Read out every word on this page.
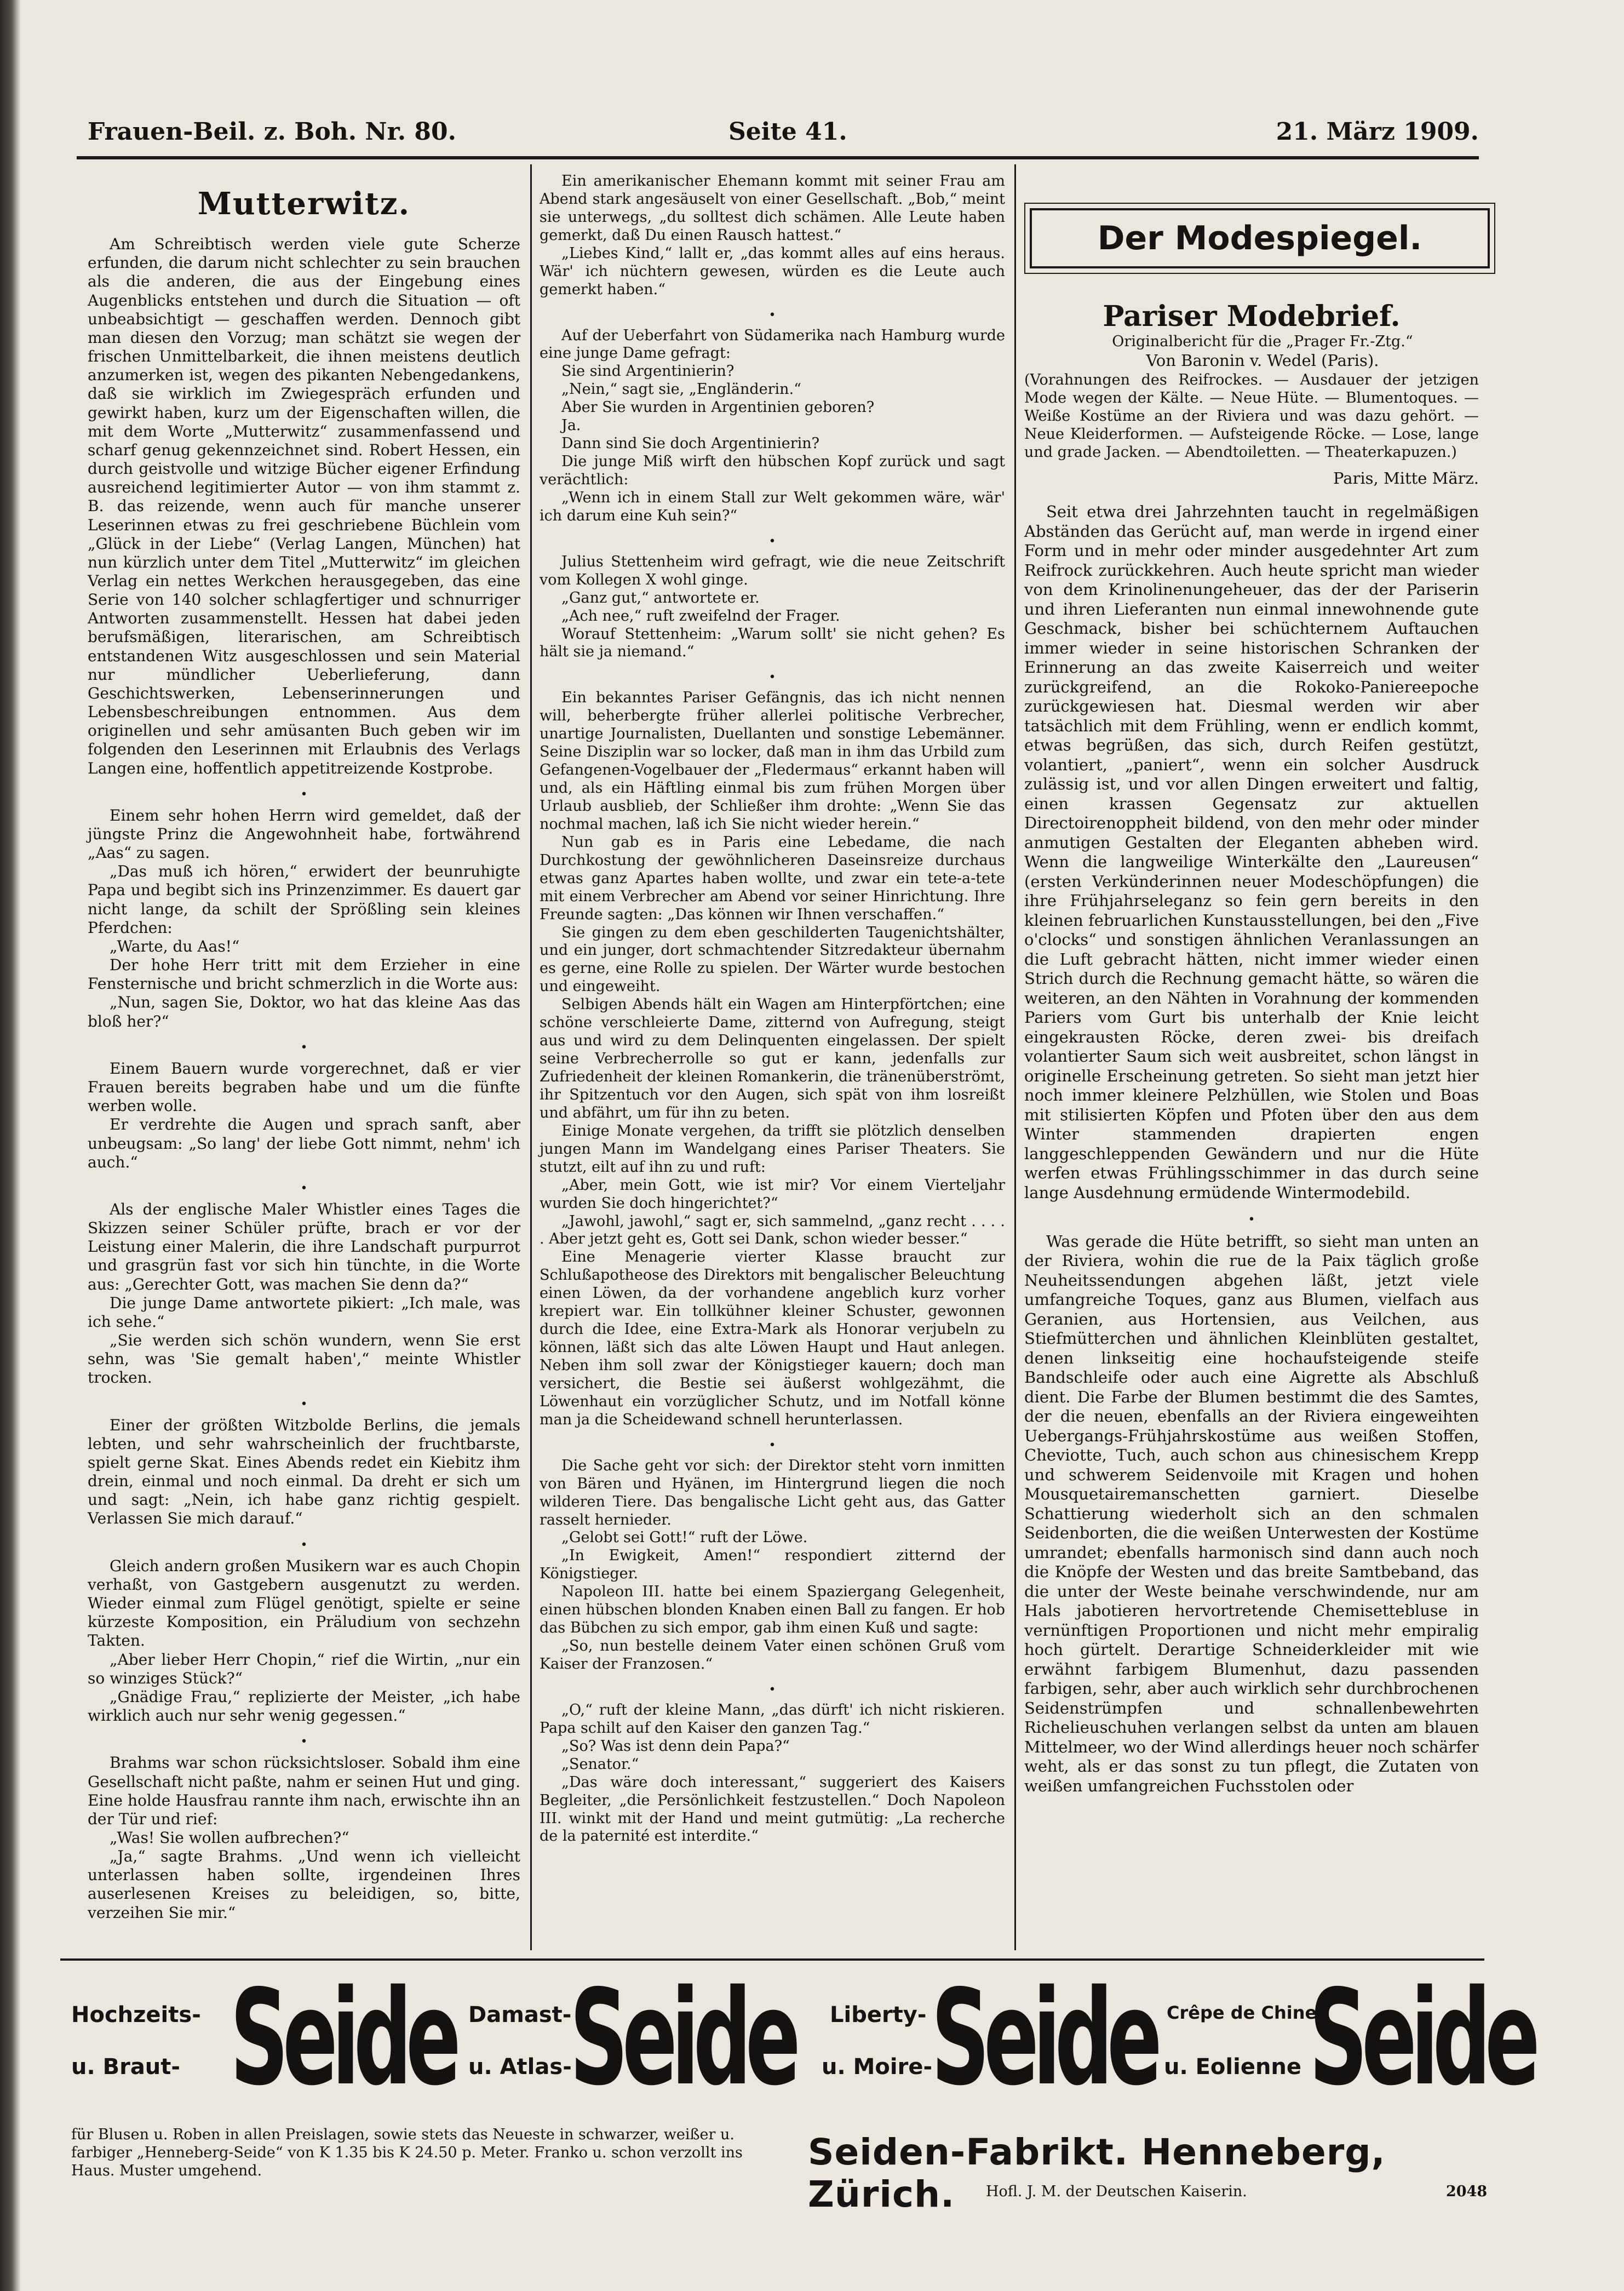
Frauen-Beil. z. Boh. Nr. 80.	Seite 41.	21. März 1909.
Mutterwitz.

Am Schreibtisch werden viele gute Scherze erfunden, die darum nicht schlechter zu sein brauchen als die anderen, die aus der Eingebung eines Augenblicks entstehen und durch die Situation — oft unbeabsichtigt — geschaffen werden. Dennoch gibt man diesen den Vorzug; man schätzt sie wegen der frischen Unmittelbarkeit, die ihnen meistens deutlich anzumerken ist, wegen des pikanten Nebengedankens, daß sie wirklich im Zwiegespräch erfunden und gewirkt haben, kurz um der Eigenschaften willen, die mit dem Worte „Mutterwitz“ zusammenfassend und scharf genug gekennzeichnet sind. Robert Hessen, ein durch geistvolle und witzige Bücher eigener Erfindung ausreichend legitimierter Autor — von ihm stammt z. B. das reizende, wenn auch für manche unserer Leserinnen etwas zu frei geschriebene Büchlein vom „Glück in der Liebe“ (Verlag Langen, München) hat nun kürzlich unter dem Titel „Mutterwitz“ im gleichen Verlag ein nettes Werkchen herausgegeben, das eine Serie von 140 solcher schlagfertiger und schnurriger Antworten zusammenstellt. Hessen hat dabei jeden berufsmäßigen, literarischen, am Schreibtisch entstandenen Witz ausgeschlossen und sein Material nur mündlicher Ueberlieferung, dann Geschichtswerken, Lebenserinnerungen und Lebensbeschreibungen entnommen. Aus dem originellen und sehr amüsanten Buch geben wir im folgenden den Leserinnen mit Erlaubnis des Verlags Langen eine, hoffentlich appetitreizende Kostprobe.

•

Einem sehr hohen Herrn wird gemeldet, daß der jüngste Prinz die Angewohnheit habe, fortwährend „Aas“ zu sagen.

„Das muß ich hören,“ erwidert der beunruhigte Papa und begibt sich ins Prinzenzimmer. Es dauert gar nicht lange, da schilt der Sprößling sein kleines Pferdchen:

„Warte, du Aas!“

Der hohe Herr tritt mit dem Erzieher in eine Fensternische und bricht schmerzlich in die Worte aus:

„Nun, sagen Sie, Doktor, wo hat das kleine Aas das bloß her?“

•

Einem Bauern wurde vorgerechnet, daß er vier Frauen bereits begraben habe und um die fünfte werben wolle.

Er verdrehte die Augen und sprach sanft, aber unbeugsam: „So lang' der liebe Gott nimmt, nehm' ich auch.“

•

Als der englische Maler Whistler eines Tages die Skizzen seiner Schüler prüfte, brach er vor der Leistung einer Malerin, die ihre Landschaft purpurrot und grasgrün fast vor sich hin tünchte, in die Worte aus: „Gerechter Gott, was machen Sie denn da?“

Die junge Dame antwortete pikiert: „Ich male, was ich sehe.“

„Sie werden sich schön wundern, wenn Sie erst sehn, was 'Sie gemalt haben',“ meinte Whistler trocken.

•

Einer der größten Witzbolde Berlins, die jemals lebten, und sehr wahrscheinlich der fruchtbarste, spielt gerne Skat. Eines Abends redet ein Kiebitz ihm drein, einmal und noch einmal. Da dreht er sich um und sagt: „Nein, ich habe ganz richtig gespielt. Verlassen Sie mich darauf.“

•

Gleich andern großen Musikern war es auch Chopin verhaßt, von Gastgebern ausgenutzt zu werden. Wieder einmal zum Flügel genötigt, spielte er seine kürzeste Komposition, ein Präludium von sechzehn Takten.

„Aber lieber Herr Chopin,“ rief die Wirtin, „nur ein so winziges Stück?“

„Gnädige Frau,“ replizierte der Meister, „ich habe wirklich auch nur sehr wenig gegessen.“

•

Brahms war schon rücksichtsloser. Sobald ihm eine Gesellschaft nicht paßte, nahm er seinen Hut und ging. Eine holde Hausfrau rannte ihm nach, erwischte ihn an der Tür und rief:

„Was! Sie wollen aufbrechen?“

„Ja,“ sagte Brahms. „Und wenn ich vielleicht unterlassen haben sollte, irgendeinen Ihres auserlesenen Kreises zu beleidigen, so, bitte, verzeihen Sie mir.“

Ein amerikanischer Ehemann kommt mit seiner Frau am Abend stark angesäuselt von einer Gesellschaft. „Bob,“ meint sie unterwegs, „du solltest dich schämen. Alle Leute haben gemerkt, daß Du einen Rausch hattest.“

„Liebes Kind,“ lallt er, „das kommt alles auf eins heraus. Wär' ich nüchtern gewesen, würden es die Leute auch gemerkt haben.“

•

Auf der Ueberfahrt von Südamerika nach Hamburg wurde eine junge Dame gefragt:

Sie sind Argentinierin?

„Nein,“ sagt sie, „Engländerin.“

Aber Sie wurden in Argentinien geboren?

Ja.

Dann sind Sie doch Argentinierin?

Die junge Miß wirft den hübschen Kopf zurück und sagt verächtlich:

„Wenn ich in einem Stall zur Welt gekommen wäre, wär' ich darum eine Kuh sein?“

•

Julius Stettenheim wird gefragt, wie die neue Zeitschrift vom Kollegen X wohl ginge.

„Ganz gut,“ antwortete er.

„Ach nee,“ ruft zweifelnd der Frager.

Worauf Stettenheim: „Warum sollt' sie nicht gehen? Es hält sie ja niemand.“

•

Ein bekanntes Pariser Gefängnis, das ich nicht nennen will, beherbergte früher allerlei politische Verbrecher, unartige Journalisten, Duellanten und sonstige Lebemänner. Seine Disziplin war so locker, daß man in ihm das Urbild zum Gefangenen-Vogelbauer der „Fledermaus“ erkannt haben will und, als ein Häftling einmal bis zum frühen Morgen über Urlaub ausblieb, der Schließer ihm drohte: „Wenn Sie das nochmal machen, laß ich Sie nicht wieder herein.“

Nun gab es in Paris eine Lebedame, die nach Durchkostung der gewöhnlicheren Daseinsreize durchaus etwas ganz Apartes haben wollte, und zwar ein tete-a-tete mit einem Verbrecher am Abend vor seiner Hinrichtung. Ihre Freunde sagten: „Das können wir Ihnen verschaffen.“

Sie gingen zu dem eben geschilderten Taugenichtshälter, und ein junger, dort schmachtender Sitzredakteur übernahm es gerne, eine Rolle zu spielen. Der Wärter wurde bestochen und eingeweiht.

Selbigen Abends hält ein Wagen am Hinterpförtchen; eine schöne verschleierte Dame, zitternd von Aufregung, steigt aus und wird zu dem Delinquenten eingelassen. Der spielt seine Verbrecherrolle so gut er kann, jedenfalls zur Zufriedenheit der kleinen Romankerin, die tränenüberströmt, ihr Spitzentuch vor den Augen, sich spät von ihm losreißt und abfährt, um für ihn zu beten.

Einige Monate vergehen, da trifft sie plötzlich denselben jungen Mann im Wandelgang eines Pariser Theaters. Sie stutzt, eilt auf ihn zu und ruft:

„Aber, mein Gott, wie ist mir? Vor einem Vierteljahr wurden Sie doch hingerichtet?“

„Jawohl, jawohl,“ sagt er, sich sammelnd, „ganz recht . . . . . Aber jetzt geht es, Gott sei Dank, schon wieder besser.“

Eine Menagerie vierter Klasse braucht zur Schlußapotheose des Direktors mit bengalischer Beleuchtung einen Löwen, da der vorhandene angeblich kurz vorher krepiert war. Ein tollkühner kleiner Schuster, gewonnen durch die Idee, eine Extra-Mark als Honorar verjubeln zu können, läßt sich das alte Löwen Haupt und Haut anlegen. Neben ihm soll zwar der Königstieger kauern; doch man versichert, die Bestie sei äußerst wohlgezähmt, die Löwenhaut ein vorzüglicher Schutz, und im Notfall könne man ja die Scheidewand schnell herunterlassen.

•

Die Sache geht vor sich: der Direktor steht vorn inmitten von Bären und Hyänen, im Hintergrund liegen die noch wilderen Tiere. Das bengalische Licht geht aus, das Gatter rasselt hernieder.

„Gelobt sei Gott!“ ruft der Löwe.

„In Ewigkeit, Amen!“ respondiert zitternd der Königstieger.

Napoleon III. hatte bei einem Spaziergang Gelegenheit, einen hübschen blonden Knaben einen Ball zu fangen. Er hob das Bübchen zu sich empor, gab ihm einen Kuß und sagte:

„So, nun bestelle deinem Vater einen schönen Gruß vom Kaiser der Franzosen.“

•

„O,“ ruft der kleine Mann, „das dürft' ich nicht riskieren. Papa schilt auf den Kaiser den ganzen Tag.“

„So? Was ist denn dein Papa?“

„Senator.“

„Das wäre doch interessant,“ suggeriert des Kaisers Begleiter, „die Persönlichkeit festzustellen.“ Doch Napoleon III. winkt mit der Hand und meint gutmütig: „La recherche de la paternité est interdite.“

Der Modespiegel.
Pariser Modebrief.

Originalbericht für die „Prager Fr.-Ztg.“

Von Baronin v. Wedel (Paris).

(Vorahnungen des Reifrockes. — Ausdauer der jetzigen Mode wegen der Kälte. — Neue Hüte. — Blumentoques. — Weiße Kostüme an der Riviera und was dazu gehört. — Neue Kleiderformen. — Aufsteigende Röcke. — Lose, lange und grade Jacken. — Abendtoiletten. — Theaterkapuzen.)

Paris, Mitte März.

Seit etwa drei Jahrzehnten taucht in regelmäßigen Abständen das Gerücht auf, man werde in irgend einer Form und in mehr oder minder ausgedehnter Art zum Reifrock zurückkehren. Auch heute spricht man wieder von dem Krinolinenungeheuer, das der der Pariserin und ihren Lieferanten nun einmal innewohnende gute Geschmack, bisher bei schüchternem Auftauchen immer wieder in seine historischen Schranken der Erinnerung an das zweite Kaiserreich und weiter zurückgreifend, an die Rokoko-Paniereepoche zurückgewiesen hat. Diesmal werden wir aber tatsächlich mit dem Frühling, wenn er endlich kommt, etwas begrüßen, das sich, durch Reifen gestützt, volantiert, „paniert“, wenn ein solcher Ausdruck zulässig ist, und vor allen Dingen erweitert und faltig, einen krassen Gegensatz zur aktuellen Directoirenoppheit bildend, von den mehr oder minder anmutigen Gestalten der Eleganten abheben wird. Wenn die langweilige Winterkälte den „Laureusen“ (ersten Verkünderinnen neuer Modeschöpfungen) die ihre Frühjahrseleganz so fein gern bereits in den kleinen februarlichen Kunstausstellungen, bei den „Five o'clocks“ und sonstigen ähnlichen Veranlassungen an die Luft gebracht hätten, nicht immer wieder einen Strich durch die Rechnung gemacht hätte, so wären die weiteren, an den Nähten in Vorahnung der kommenden Pariers vom Gurt bis unterhalb der Knie leicht eingekrausten Röcke, deren zwei- bis dreifach volantierter Saum sich weit ausbreitet, schon längst in originelle Erscheinung getreten. So sieht man jetzt hier noch immer kleinere Pelzhüllen, wie Stolen und Boas mit stilisierten Köpfen und Pfoten über den aus dem Winter stammenden drapierten engen langgeschleppenden Gewändern und nur die Hüte werfen etwas Frühlingsschimmer in das durch seine lange Ausdehnung ermüdende Wintermodebild.

•

Was gerade die Hüte betrifft, so sieht man unten an der Riviera, wohin die rue de la Paix täglich große Neuheitssendungen abgehen läßt, jetzt viele umfangreiche Toques, ganz aus Blumen, vielfach aus Geranien, aus Hortensien, aus Veilchen, aus Stiefmütterchen und ähnlichen Kleinblüten gestaltet, denen linkseitig eine hochaufsteigende steife Bandschleife oder auch eine Aigrette als Abschluß dient. Die Farbe der Blumen bestimmt die des Samtes, der die neuen, ebenfalls an der Riviera eingeweihten Uebergangs-Frühjahrskostüme aus weißen Stoffen, Cheviotte, Tuch, auch schon aus chinesischem Krepp und schwerem Seidenvoile mit Kragen und hohen Mousquetairemanschetten garniert. Dieselbe Schattierung wiederholt sich an den schmalen Seidenborten, die die weißen Unterwesten der Kostüme umrandet; ebenfalls harmonisch sind dann auch noch die Knöpfe der Westen und das breite Samtbeband, das die unter der Weste beinahe verschwindende, nur am Hals jabotieren hervortretende Chemisettebluse in vernünftigen Proportionen und nicht mehr empiralig hoch gürtelt. Derartige Schneiderkleider mit wie erwähnt farbigem Blumenhut, dazu passenden farbigen, sehr, aber auch wirklich sehr durchbrochenen Seidenstrümpfen und schnallenbewehrten Richelieuschuhen verlangen selbst da unten am blauen Mittelmeer, wo der Wind allerdings heuer noch schärfer weht, als er das sonst zu tun pflegt, die Zutaten von weißen umfangreichen Fuchsstolen oder

Hochzeits-
u. Braut- Seide Damast-
u. Atlas-
Seide Liberty-
u. Moire-
Seide Crêpe de Chine-
u. Eolienne Seide
für Blusen u. Roben in allen Preislagen, sowie stets das Neueste in schwarzer, weißer u. farbiger „Henneberg-Seide“ von K 1.35 bis K 24.50 p. Meter. Franko u. schon verzollt ins Haus. Muster umgehend.	Seiden-Fabrikt. Henneberg, Zürich.	Hofl. J. M. der Deutschen Kaiserin.	2048
